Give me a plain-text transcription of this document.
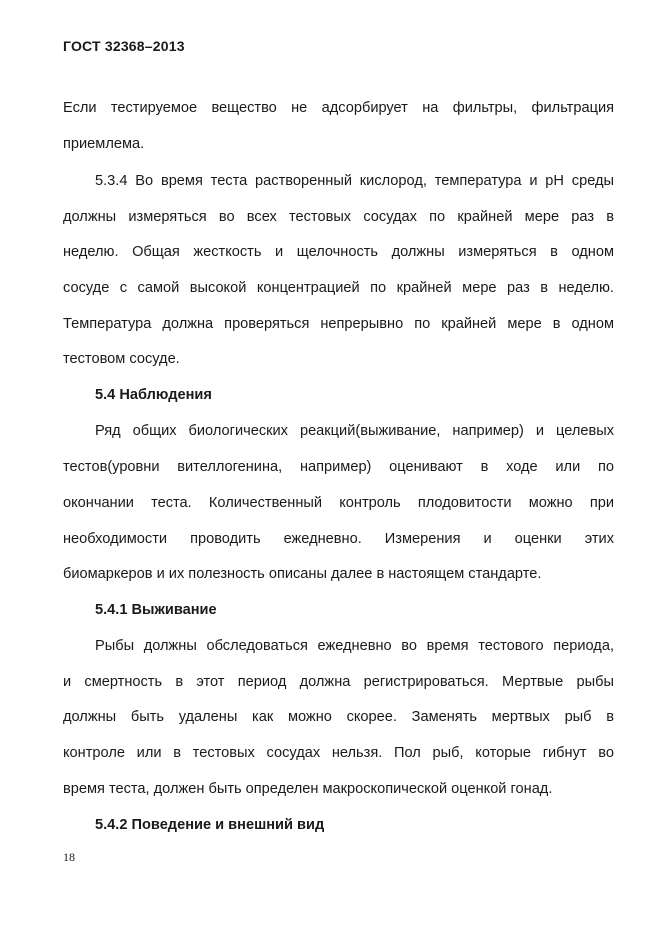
ГОСТ 32368–2013
Если тестируемое вещество не адсорбирует на фильтры, фильтрация
приемлема.
5.3.4 Во время теста растворенный кислород, температура и рН среды
должны измеряться во всех тестовых сосудах по крайней мере раз в
неделю. Общая жесткость и щелочность должны измеряться в одном
сосуде с самой высокой концентрацией по крайней мере раз в неделю.
Температура должна проверяться непрерывно по крайней мере в одном
тестовом сосуде.
5.4 Наблюдения
Ряд общих биологических реакций(выживание, например) и целевых
тестов(уровни вителлогенина, например) оценивают в ходе или по
окончании теста. Количественный контроль плодовитости можно при
необходимости проводить ежедневно. Измерения и оценки этих
биомаркеров и их полезность описаны далее в настоящем стандарте.
5.4.1 Выживание
Рыбы должны обследоваться ежедневно во время тестового периода,
и смертность в этот период должна регистрироваться. Мертвые рыбы
должны быть удалены как можно скорее. Заменять мертвых рыб в
контроле или в тестовых сосудах нельзя. Пол рыб, которые гибнут во
время теста, должен быть определен макроскопической оценкой гонад.
5.4.2 Поведение и внешний вид
18
